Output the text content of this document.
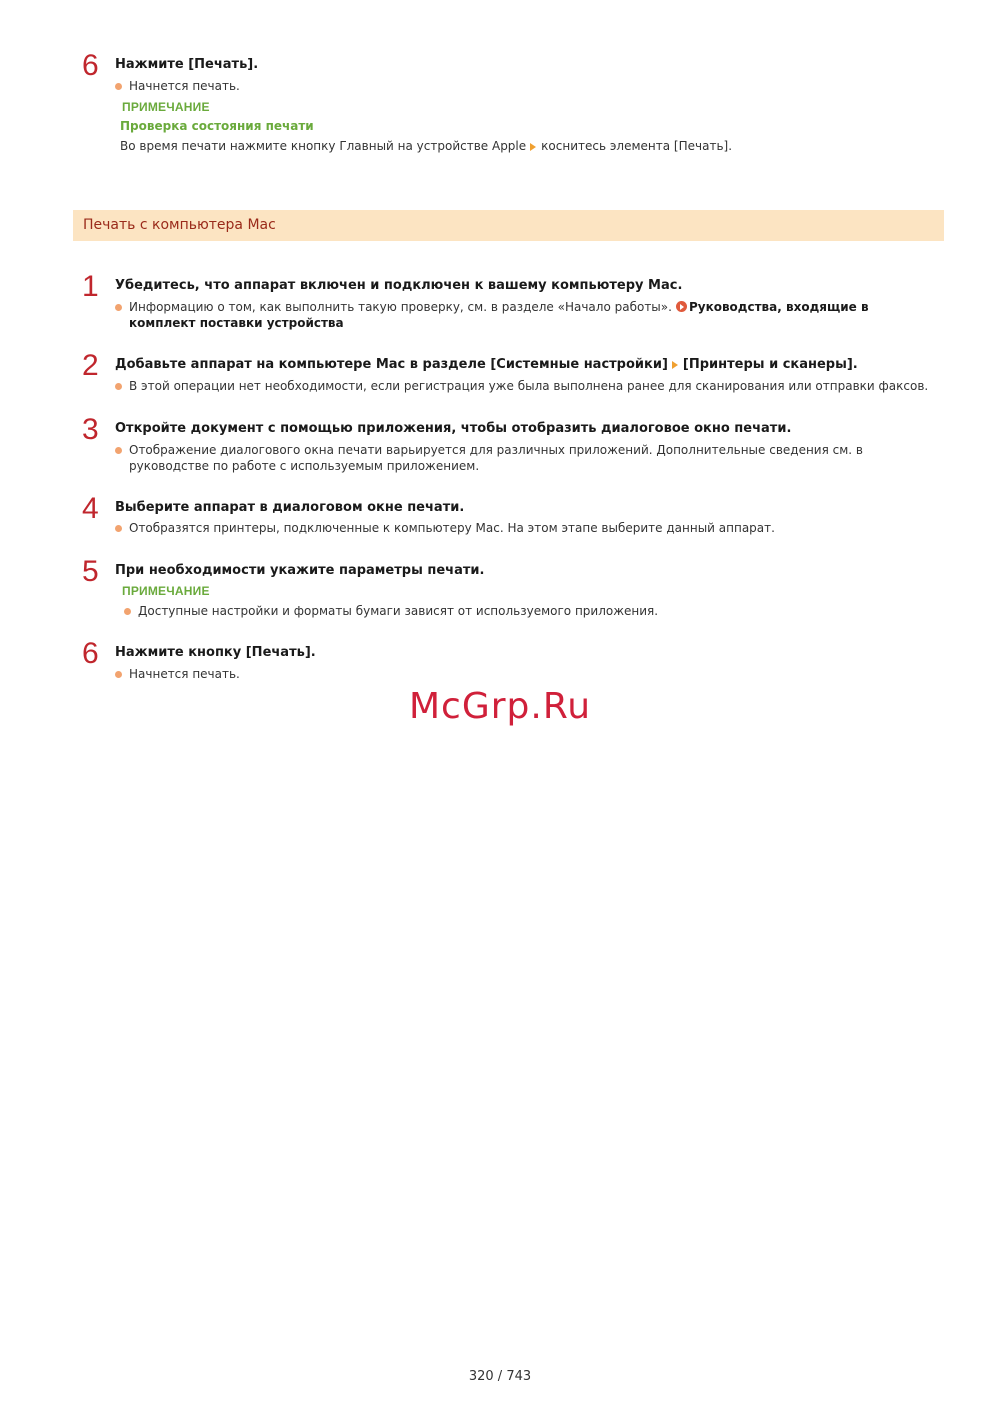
6 Нажмите [Печать].
Начнется печать.
ПРИМЕЧАНИЕ
Проверка состояния печати
Во время печати нажмите кнопку Главный на устройстве Apple коснитесь элемента [Печать].
Печать с компьютера Mac
1 Убедитесь, что аппарат включен и подключен к вашему компьютеру Mac.
Информацию о том, как выполнить такую проверку, см. в разделе «Начало работы». Руководства, входящие в комплект поставки устройства
2 Добавьте аппарат на компьютере Mac в разделе [Системные настройки] [Принтеры и сканеры].
В этой операции нет необходимости, если регистрация уже была выполнена ранее для сканирования или отправки факсов.
3 Откройте документ с помощью приложения, чтобы отобразить диалоговое окно печати.
Отображение диалогового окна печати варьируется для различных приложений. Дополнительные сведения см. в руководстве по работе с используемым приложением.
4 Выберите аппарат в диалоговом окне печати.
Отобразятся принтеры, подключенные к компьютеру Mac. На этом этапе выберите данный аппарат.
5 При необходимости укажите параметры печати.
ПРИМЕЧАНИЕ
Доступные настройки и форматы бумаги зависят от используемого приложения.
6 Нажмите кнопку [Печать].
Начнется печать.
McGrp.Ru
320 / 743
